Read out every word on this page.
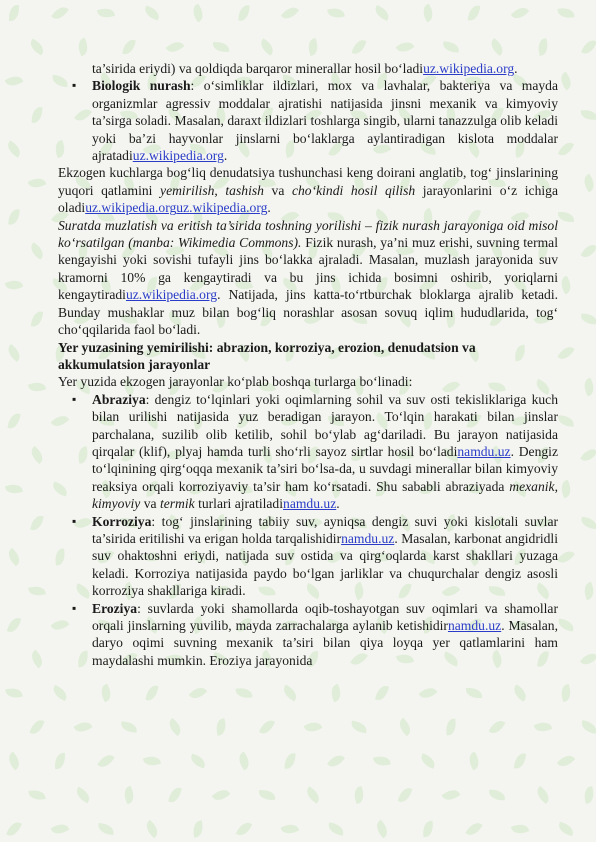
ta’sirida eriydi) va qoldiqda barqaror minerallar hosil bo‘ladiuz.wikipedia.org.

▪ Biologik nurash: o‘simliklar ildizlari, mox va lavhalar, bakteriya va mayda organizmlar agressiv moddalar ajratishi natijasida jinsni mexanik va kimyoviy ta’sirga soladi. Masalan, daraxt ildizlari toshlarga singib, ularni tanazzulga olib keladi yoki ba’zi hayvonlar jinslarni bo‘laklarga aylantiradigan kislota moddalar ajratadiuz.wikipedia.org.

Ekzogen kuchlarga bog‘liq denudatsiya tushunchasi keng doirani anglatib, tog‘ jinslarining yuqori qatlamini yemirilish, tashish va cho‘kindi hosil qilish jarayonlarini o‘z ichiga oladiuz.wikipedia.orguz.wikipedia.org.

Suratda muzlatish va eritish ta’sirida toshning yorilishi – fizik nurash jarayoniga oid misol ko‘rsatilgan (manba: Wikimedia Commons). Fizik nurash, ya’ni muz erishi, suvning termal kengayishi yoki sovishi tufayli jins bo‘lakka ajraladi. Masalan, muzlash jarayonida suv kramorni 10% ga kengaytiradi va bu jins ichida bosimni oshirib, yoriqlarni kengaytiradiuz.wikipedia.org. Natijada, jins katta-to‘rtburchak bloklarga ajralib ketadi. Bunday mushaklar muz bilan bog‘liq norashlar asosan sovuq iqlim hududlarida, tog‘ cho‘qqilarida faol bo‘ladi.

Yer yuzasining yemirilishi: abrazion, korroziya, erozion, denudatsion va akkumulatsion jarayonlar

Yer yuzida ekzogen jarayonlar ko‘plab boshqa turlarga bo‘linadi:

▪ Abraziya: dengiz to‘lqinlari yoki oqimlarning sohil va suv osti tekisliklariga kuch bilan urilishi natijasida yuz beradigan jarayon. To‘lqin harakati bilan jinslar parchalana, suzilib olib ketilib, sohil bo‘ylab ag‘dariladi. Bu jarayon natijasida qirqalar (klif), plyaj hamda turli sho‘rli sayoz sirtlar hosil bo‘ladinamdu.uz. Dengiz to‘lqinining qirg‘oqqa mexanik ta’siri bo‘lsa-da, u suvdagi minerallar bilan kimyoviy reaksiya orqali korroziyaviy ta’sir ham ko‘rsatadi. Shu sababli abraziyada mexanik, kimyoviy va termik turlari ajratiladinamdu.uz.
▪ Korroziya: tog‘ jinslarining tabiiy suv, ayniqsa dengiz suvi yoki kislotali suvlar ta’sirida eritilishi va erigan holda tarqalishidirnamdu.uz. Masalan, karbonat angidridli suv ohaktoshni eriydi, natijada suv ostida va qirg‘oqlarda karst shakllari yuzaga keladi. Korroziya natijasida paydo bo‘lgan jarliklar va chuqurchalar dengiz asosli korroziya shakllariga kiradi.
▪ Eroziya: suvlarda yoki shamollarda oqib-toshayotgan suv oqimlari va shamollar orqali jinslarning yuvilib, mayda zarrachalarga aylanib ketishidirnamdu.uz. Masalan, daryo oqimi suvning mexanik ta’siri bilan qiya loyqa yer qatlamlarini ham maydalashi mumkin. Eroziya jarayonida
